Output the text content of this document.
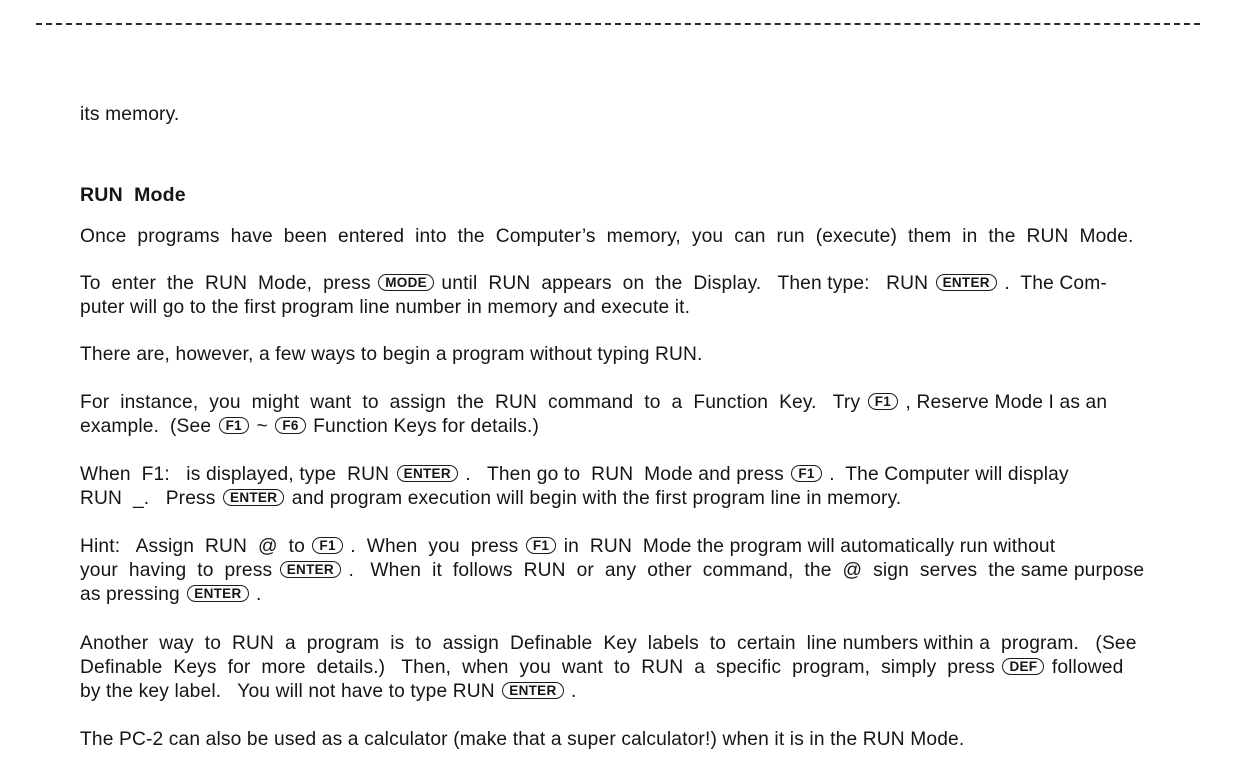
its memory.
RUN  Mode
Once  programs  have  been  entered  into  the  Computer’s  memory,  you  can  run  (execute)  them  in  the  RUN  Mode.
To  enter  the  RUN  Mode,  press MODE until  RUN  appears  on  the  Display.   Then type:   RUN ENTER .  The Com-
puter will go to the first program line number in memory and execute it.
There are, however, a few ways to begin a program without typing RUN.
For  instance,  you  might  want  to  assign  the  RUN  command  to  a  Function  Key.   Try F1 , Reserve Mode I as an
example.  (See F1 ~ F6 Function Keys for details.)
When  F1:   is displayed, type  RUN ENTER .   Then go to  RUN  Mode and press F1 .  The Computer will display
RUN  _.   Press ENTER and program execution will begin with the first program line in memory.
Hint:   Assign  RUN  @  to F1 .  When  you  press F1 in  RUN  Mode the program will automatically run without
your  having  to  press ENTER .   When  it  follows  RUN  or  any  other  command,  the  @  sign  serves  the same purpose
as pressing ENTER .
Another  way  to  RUN  a  program  is  to  assign  Definable  Key  labels  to  certain  line numbers within a  program.   (See
Definable  Keys  for  more  details.)   Then,  when  you  want  to  RUN  a  specific  program,  simply  press DEF followed
by the key label.   You will not have to type RUN ENTER .
The PC-2 can also be used as a calculator (make that a super calculator!) when it is in the RUN Mode.
